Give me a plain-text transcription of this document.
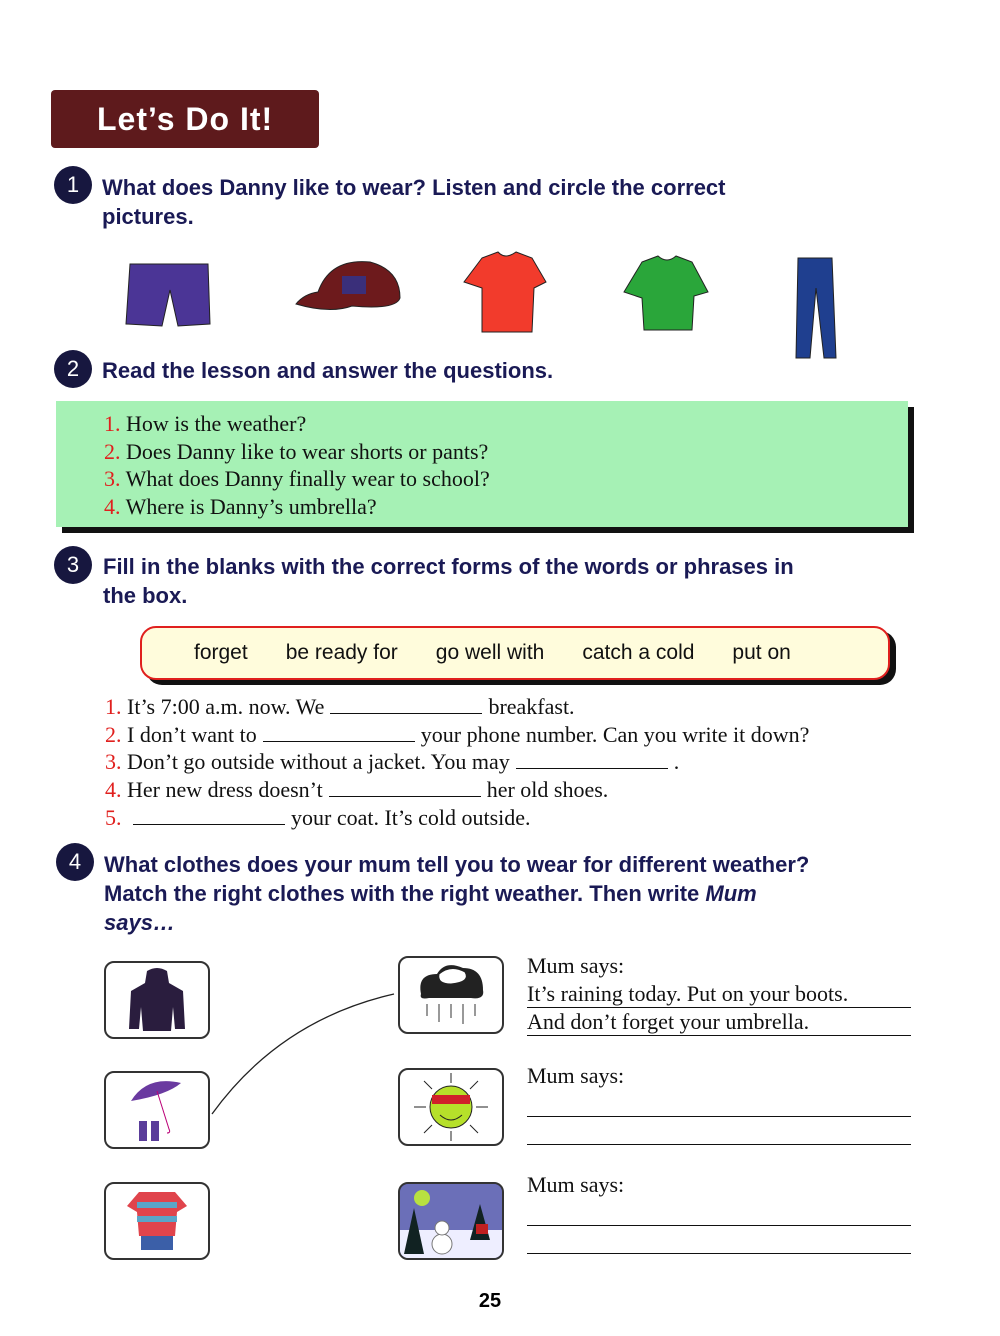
Let’s Do It!
1	What does Danny like to wear? Listen and circle the correct
pictures.
2	Read the lesson and answer the questions.
1. How is the weather?
2. Does Danny like to wear shorts or pants?
3. What does Danny finally wear to school?
4. Where is Danny’s umbrella?
3	Fill in the blanks with the correct forms of the words or phrases in
the box.
forget be ready for go well with catch a cold put on
1. It’s 7:00 a.m. now. We	breakfast.
2. I don’t want to	your phone number. Can you write it down?
3. Don’t go outside without a jacket. You may	.
4. Her new dress doesn’t	her old shoes.
5.	your coat. It’s cold outside.
4	What clothes does your mum tell you to wear for different weather?
Match the right clothes with the right weather. Then write Mum
says…
Mum says:
It’s raining today. Put on your boots.
And don’t forget your umbrella.
Mum says:
Mum says:
25
